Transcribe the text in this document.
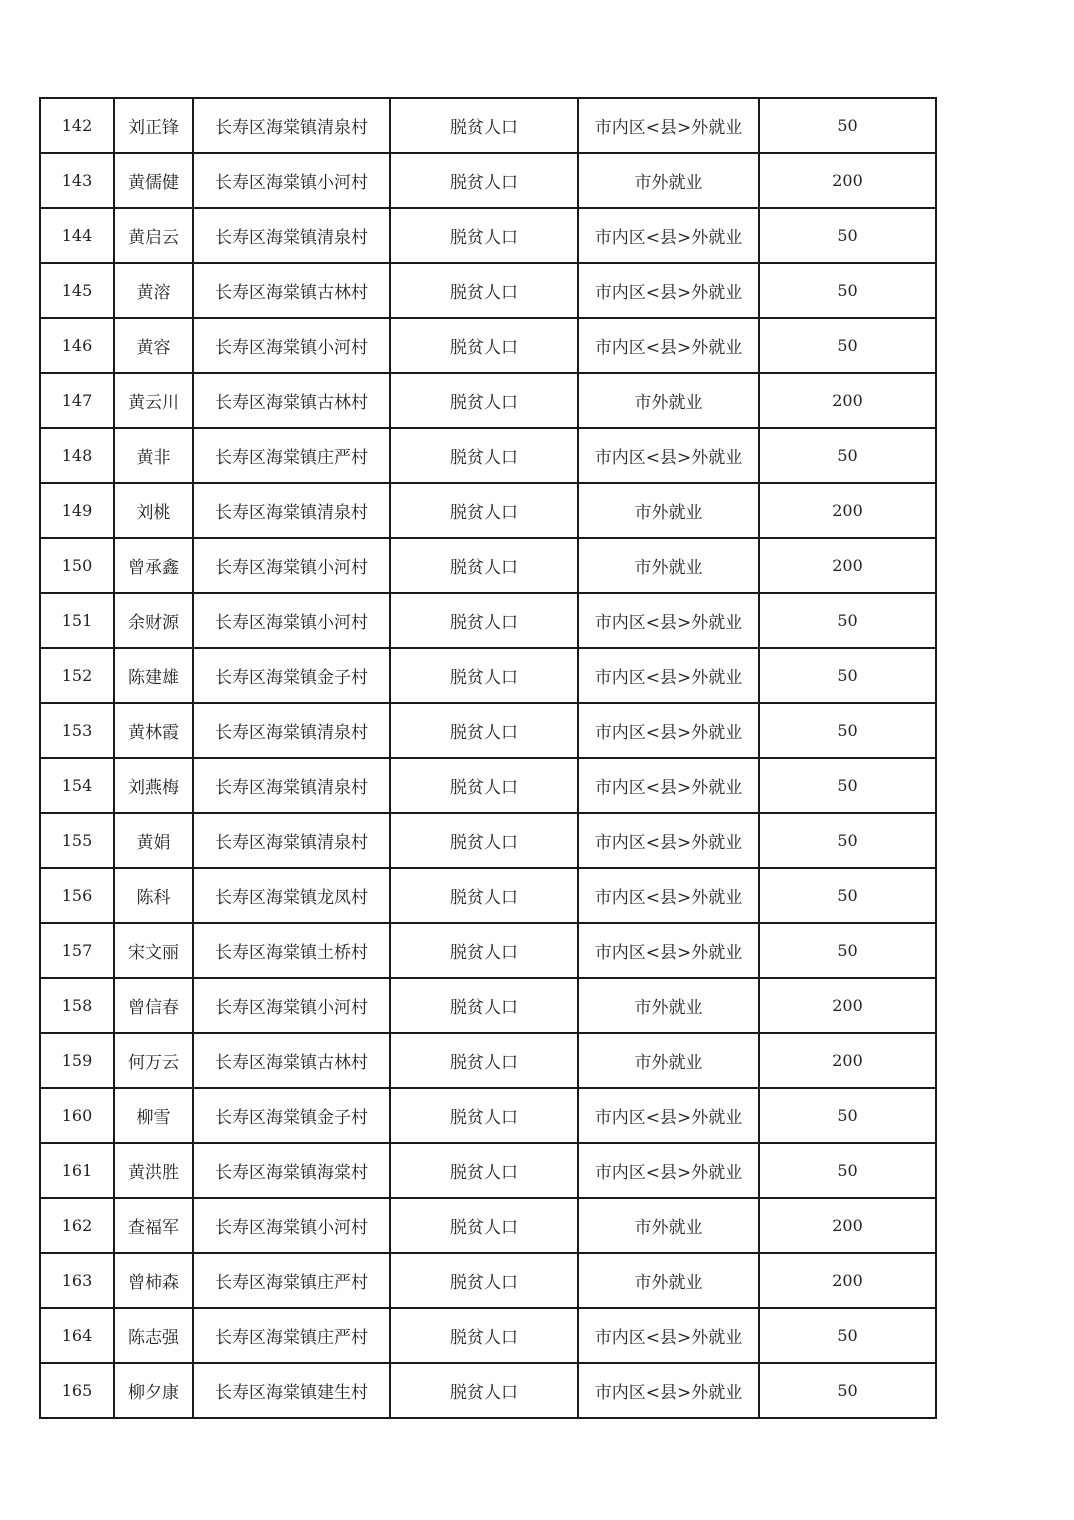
142	刘正锋	长寿区海棠镇清泉村	脱贫人口	市内区<县>外就业	50
143	黄儒健	长寿区海棠镇小河村	脱贫人口	市外就业	200
144	黄启云	长寿区海棠镇清泉村	脱贫人口	市内区<县>外就业	50
145	黄溶	长寿区海棠镇古林村	脱贫人口	市内区<县>外就业	50
146	黄容	长寿区海棠镇小河村	脱贫人口	市内区<县>外就业	50
147	黄云川	长寿区海棠镇古林村	脱贫人口	市外就业	200
148	黄非	长寿区海棠镇庄严村	脱贫人口	市内区<县>外就业	50
149	刘桃	长寿区海棠镇清泉村	脱贫人口	市外就业	200
150	曾承鑫	长寿区海棠镇小河村	脱贫人口	市外就业	200
151	余财源	长寿区海棠镇小河村	脱贫人口	市内区<县>外就业	50
152	陈建雄	长寿区海棠镇金子村	脱贫人口	市内区<县>外就业	50
153	黄林霞	长寿区海棠镇清泉村	脱贫人口	市内区<县>外就业	50
154	刘燕梅	长寿区海棠镇清泉村	脱贫人口	市内区<县>外就业	50
155	黄娟	长寿区海棠镇清泉村	脱贫人口	市内区<县>外就业	50
156	陈科	长寿区海棠镇龙凤村	脱贫人口	市内区<县>外就业	50
157	宋文丽	长寿区海棠镇土桥村	脱贫人口	市内区<县>外就业	50
158	曾信春	长寿区海棠镇小河村	脱贫人口	市外就业	200
159	何万云	长寿区海棠镇古林村	脱贫人口	市外就业	200
160	柳雪	长寿区海棠镇金子村	脱贫人口	市内区<县>外就业	50
161	黄洪胜	长寿区海棠镇海棠村	脱贫人口	市内区<县>外就业	50
162	查福军	长寿区海棠镇小河村	脱贫人口	市外就业	200
163	曾柿森	长寿区海棠镇庄严村	脱贫人口	市外就业	200
164	陈志强	长寿区海棠镇庄严村	脱贫人口	市内区<县>外就业	50
165	柳夕康	长寿区海棠镇建生村	脱贫人口	市内区<县>外就业	50
